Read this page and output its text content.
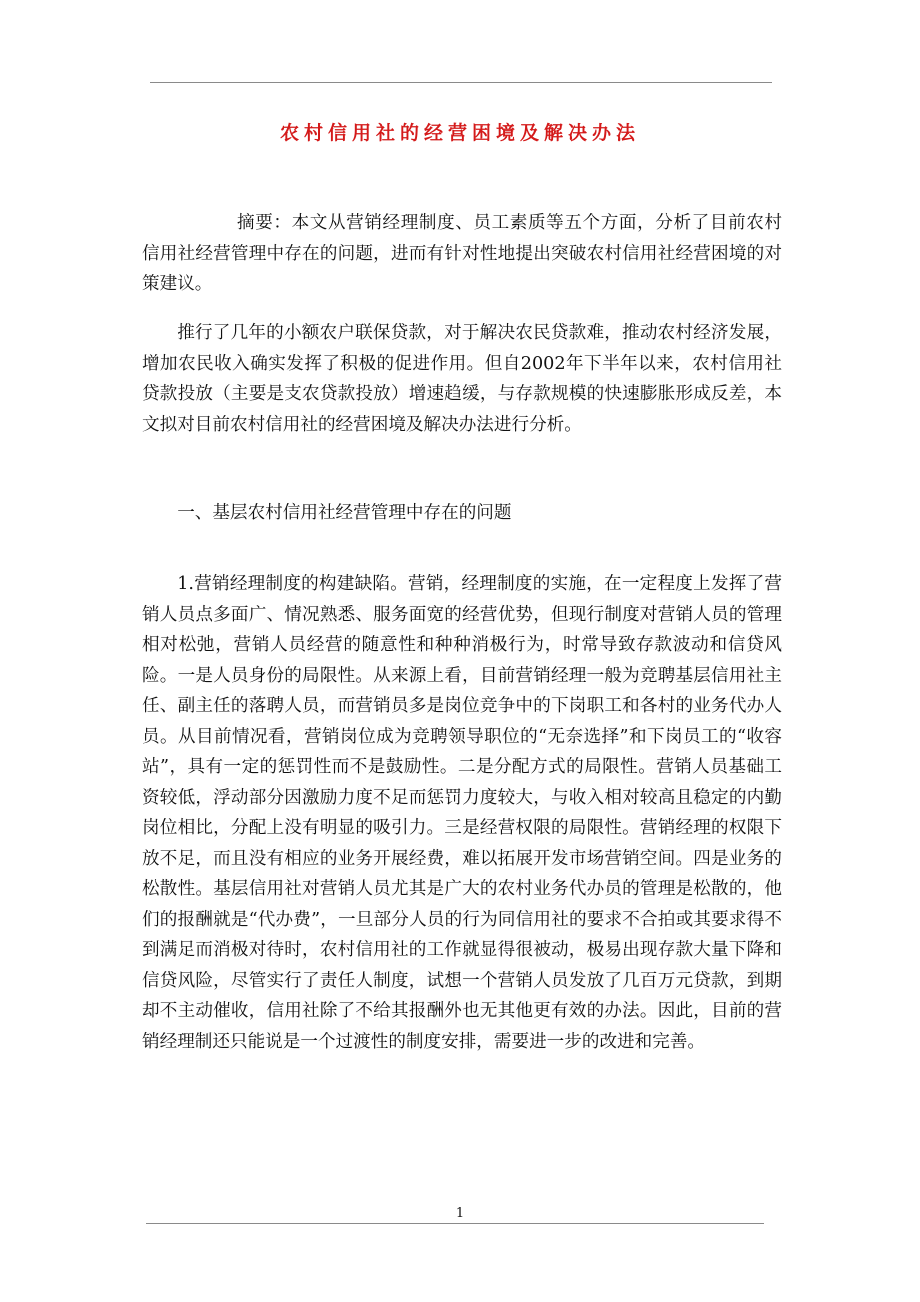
农村信用社的经营困境及解决办法

摘要：本文从营销经理制度、员工素质等五个方面，分析了目前农村信用社经营管理中存在的问题，进而有针对性地提出突破农村信用社经营困境的对策建议。

推行了几年的小额农户联保贷款，对于解决农民贷款难，推动农村经济发展，增加农民收入确实发挥了积极的促进作用。但自2002年下半年以来，农村信用社贷款投放（主要是支农贷款投放）增速趋缓，与存款规模的快速膨胀形成反差，本文拟对目前农村信用社的经营困境及解决办法进行分析。

一、基层农村信用社经营管理中存在的问题

1.营销经理制度的构建缺陷。营销，经理制度的实施，在一定程度上发挥了营销人员点多面广、情况熟悉、服务面宽的经营优势，但现行制度对营销人员的管理相对松弛，营销人员经营的随意性和种种消极行为，时常导致存款波动和信贷风险。一是人员身份的局限性。从来源上看，目前营销经理一般为竞聘基层信用社主任、副主任的落聘人员，而营销员多是岗位竞争中的下岗职工和各村的业务代办人员。从目前情况看，营销岗位成为竞聘领导职位的“无奈选择”和下岗员工的“收容站”，具有一定的惩罚性而不是鼓励性。二是分配方式的局限性。营销人员基础工资较低，浮动部分因激励力度不足而惩罚力度较大，与收入相对较高且稳定的内勤岗位相比，分配上没有明显的吸引力。三是经营权限的局限性。营销经理的权限下放不足，而且没有相应的业务开展经费，难以拓展开发市场营销空间。四是业务的松散性。基层信用社对营销人员尤其是广大的农村业务代办员的管理是松散的，他们的报酬就是“代办费”，一旦部分人员的行为同信用社的要求不合拍或其要求得不到满足而消极对待时，农村信用社的工作就显得很被动，极易出现存款大量下降和信贷风险，尽管实行了责任人制度，试想一个营销人员发放了几百万元贷款，到期却不主动催收，信用社除了不给其报酬外也无其他更有效的办法。因此，目前的营销经理制还只能说是一个过渡性的制度安排，需要进一步的改进和完善。

1
